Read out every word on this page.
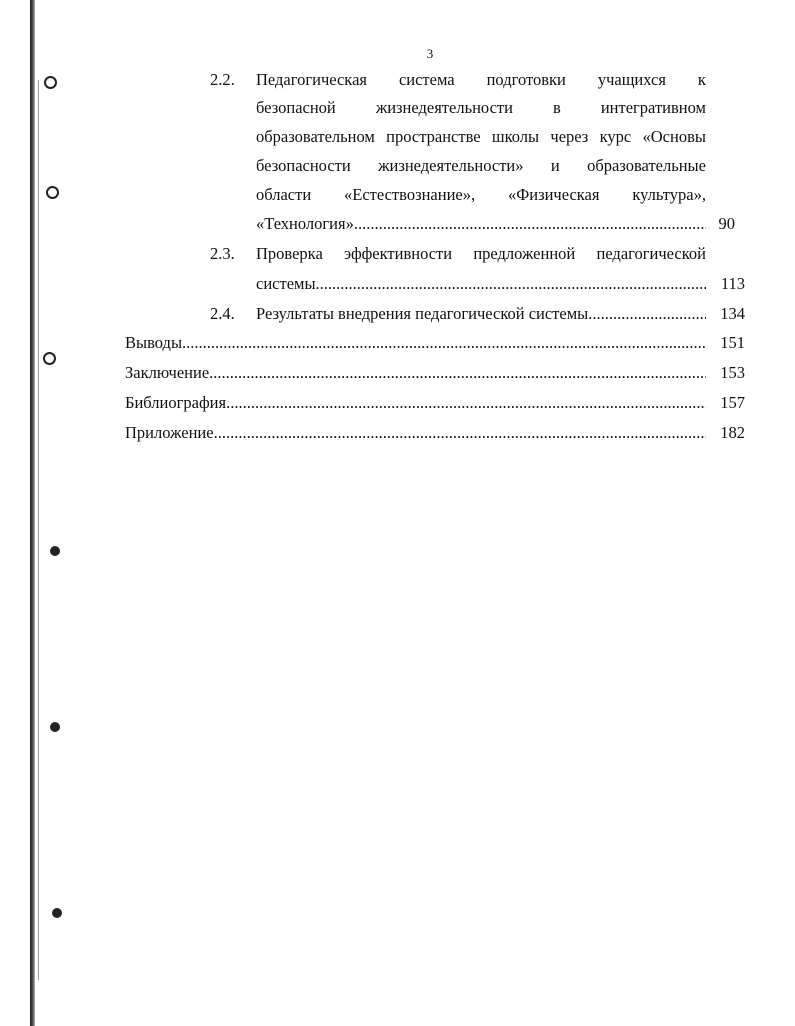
3
2.2. Педагогическая система подготовки учащихся к
безопасной жизнедеятельности в интегративном
образовательном пространстве школы через курс «Основы
безопасности жизнедеятельности» и образовательные
области «Естествознание», «Физическая культура»,
«Технология» .....	90
2.3. Проверка эффективности предложенной педагогической
системы .....	113
2.4. Результаты внедрения педагогической системы .....	134
Выводы .....	151
Заключение .....	153
Библиография .....	157
Приложение .....	182
